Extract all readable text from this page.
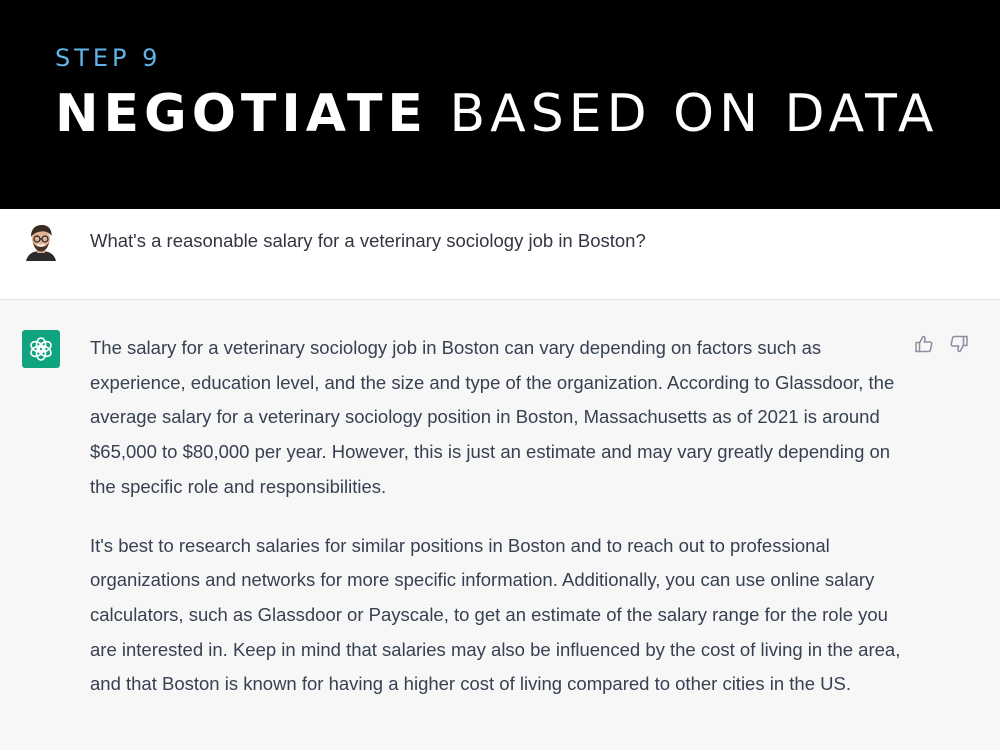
STEP 9
NEGOTIATE BASED ON DATA
What's a reasonable salary for a veterinary sociology job in Boston?

The salary for a veterinary sociology job in Boston can vary depending on factors such as experience, education level, and the size and type of the organization. According to Glassdoor, the average salary for a veterinary sociology position in Boston, Massachusetts as of 2021 is around $65,000 to $80,000 per year. However, this is just an estimate and may vary greatly depending on the specific role and responsibilities.

It's best to research salaries for similar positions in Boston and to reach out to professional organizations and networks for more specific information. Additionally, you can use online salary calculators, such as Glassdoor or Payscale, to get an estimate of the salary range for the role you are interested in. Keep in mind that salaries may also be influenced by the cost of living in the area, and that Boston is known for having a higher cost of living compared to other cities in the US.
